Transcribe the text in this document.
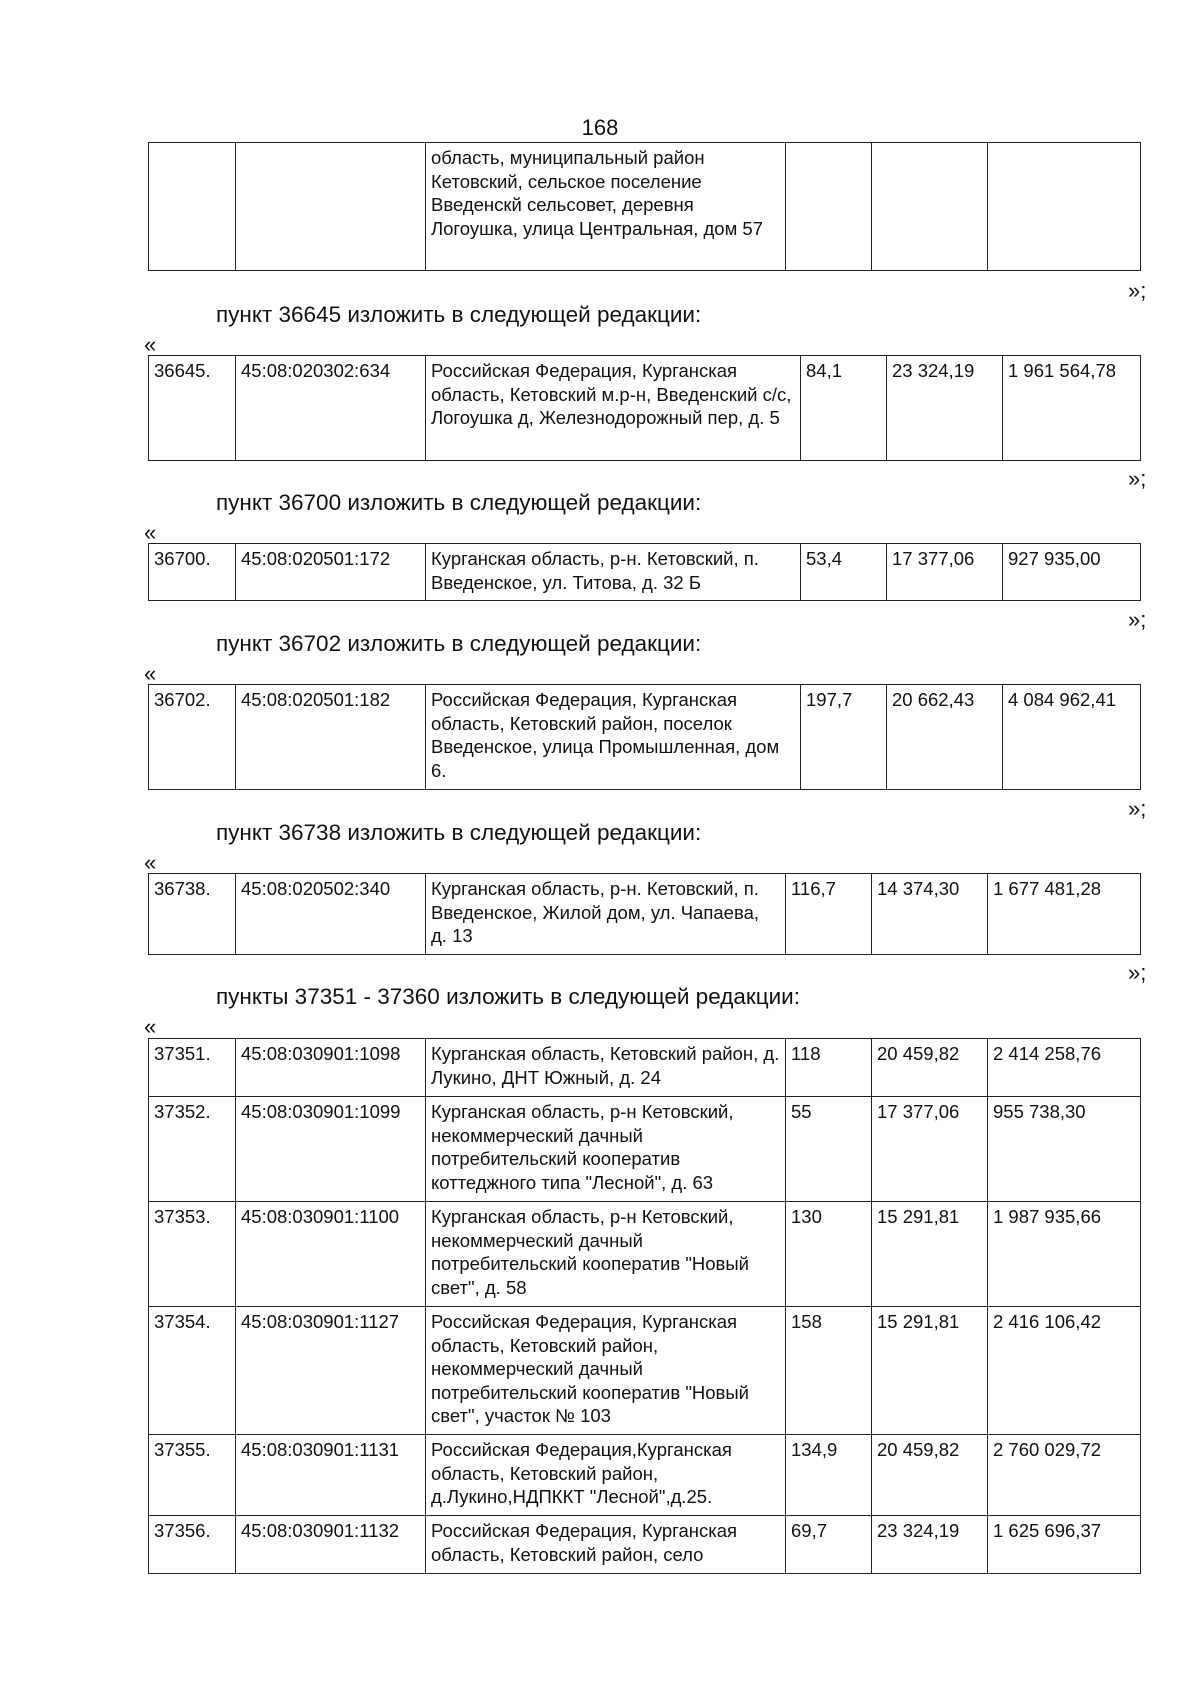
168
		область, муниципальный район Кетовский, сельское поселение Введенскй сельсовет, деревня Логоушка, улица Центральная, дом 57			
»;
пункт 36645 изложить в следующей редакции:
«
36645.	45:08:020302:634	Российская Федерация, Курганская область, Кетовский м.р-н, Введенский с/с, Логоушка д, Железнодорожный пер, д. 5	84,1	23 324,19	1 961 564,78
»;
пункт 36700 изложить в следующей редакции:
«
36700.	45:08:020501:172	Курганская область, р-н. Кетовский, п. Введенское, ул. Титова, д. 32 Б	53,4	17 377,06	927 935,00
»;
пункт 36702 изложить в следующей редакции:
«
36702.	45:08:020501:182	Российская Федерация, Курганская область, Кетовский район, поселок Введенское, улица Промышленная, дом 6.	197,7	20 662,43	4 084 962,41
»;
пункт 36738 изложить в следующей редакции:
«
36738.	45:08:020502:340	Курганская область, р-н. Кетовский, п. Введенское, Жилой дом, ул. Чапаева, д. 13	116,7	14 374,30	1 677 481,28
»;
пункты 37351 - 37360 изложить в следующей редакции:
«
37351.	45:08:030901:1098	Курганская область, Кетовский район, д. Лукино, ДНТ Южный, д. 24	118	20 459,82	2 414 258,76
37352.	45:08:030901:1099	Курганская область, р-н Кетовский, некоммерческий дачный потребительский кооператив коттеджного типа "Лесной", д. 63	55	17 377,06	955 738,30
37353.	45:08:030901:1100	Курганская область, р-н Кетовский, некоммерческий дачный потребительский кооператив "Новый свет", д. 58	130	15 291,81	1 987 935,66
37354.	45:08:030901:1127	Российская Федерация, Курганская область, Кетовский район, некоммерческий дачный потребительский кооператив "Новый свет", участок № 103	158	15 291,81	2 416 106,42
37355.	45:08:030901:1131	Российская Федерация,Курганская область, Кетовский район, д.Лукино,НДПККТ "Лесной",д.25.	134,9	20 459,82	2 760 029,72
37356.	45:08:030901:1132	Российская Федерация, Курганская область, Кетовский район, село	69,7	23 324,19	1 625 696,37
